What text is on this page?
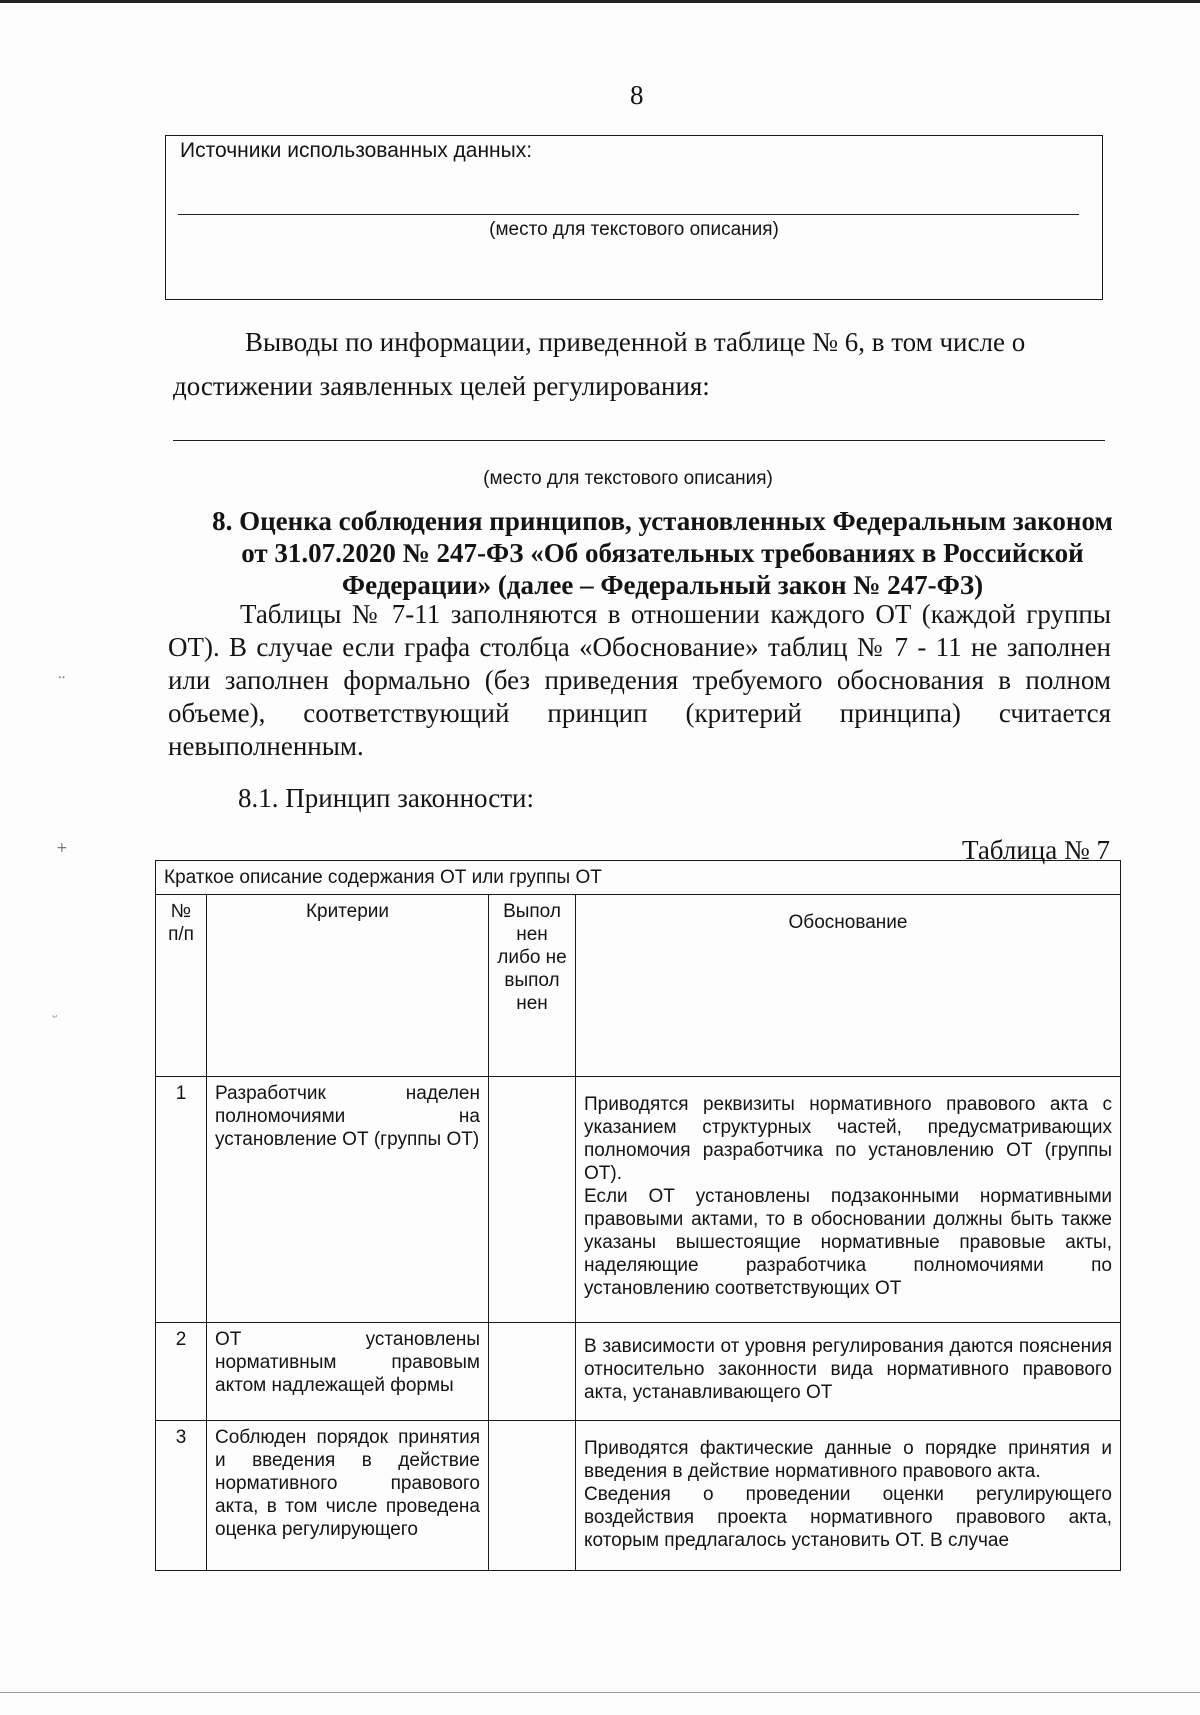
8
Источники использованных данных:
(место для текстового описания)
Выводы по информации, приведенной в таблице № 6, в том числе о достижении заявленных целей регулирования:
(место для текстового описания)
8. Оценка соблюдения принципов, установленных Федеральным законом от 31.07.2020 № 247-ФЗ «Об обязательных требованиях в Российской Федерации» (далее – Федеральный закон № 247-ФЗ)
Таблицы № 7-11 заполняются в отношении каждого ОТ (каждой группы ОТ). В случае если графа столбца «Обоснование» таблиц № 7 - 11 не заполнен или заполнен формально (без приведения требуемого обоснования в полном объеме), соответствующий принцип (критерий принципа) считается невыполненным.
8.1. Принцип законности:
Таблица № 7
⸱⸱
+
ᵕ
Краткое описание содержания ОТ или группы ОТ			
№ п/п	Критерии	Выпол нен либо не выпол нен	Обоснование
1	Разработчик наделен полномочиями на установление ОТ (группы ОТ)		Приводятся реквизиты нормативного правового акта с указанием структурных частей, предусматривающих полномочия разработчика по установлению ОТ (группы ОТ).
Если ОТ установлены подзаконными нормативными правовыми актами, то в обосновании должны быть также указаны вышестоящие нормативные правовые акты, наделяющие разработчика полномочиями по установлению соответствующих ОТ

2	ОТ установлены нормативным правовым актом надлежащей формы		В зависимости от уровня регулирования даются пояснения относительно законности вида нормативного правового акта, устанавливающего ОТ

3	Соблюден порядок принятия и введения в действие нормативного правового акта, в том числе проведена оценка регулирующего		Приводятся фактические данные о порядке принятия и введения в действие нормативного правового акта.
Сведения о проведении оценки регулирующего воздействия проекта нормативного правового акта, которым предлагалось установить ОТ. В случае
